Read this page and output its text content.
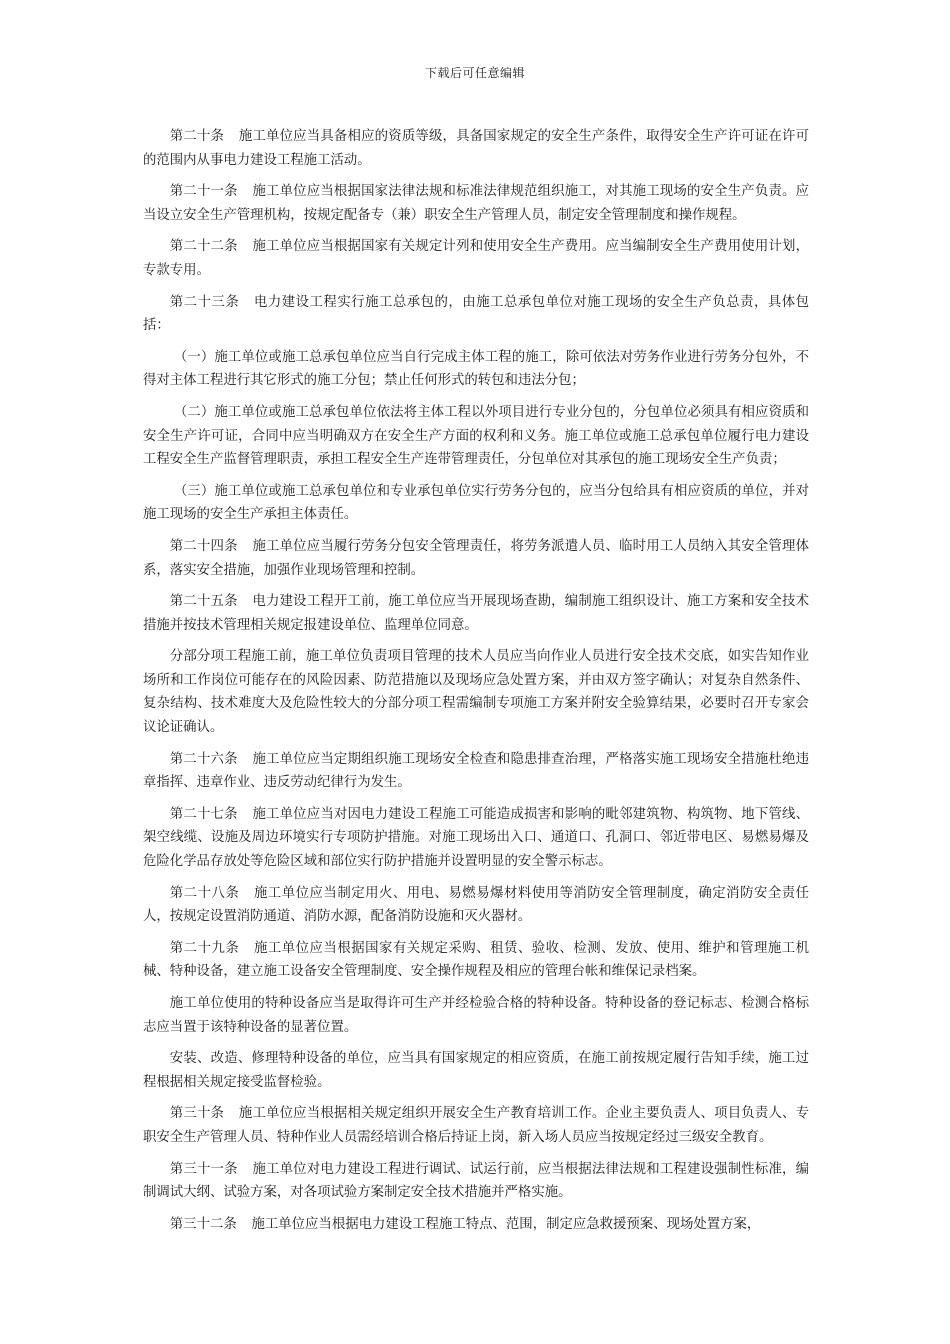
下载后可任意编辑

第二十条 施工单位应当具备相应的资质等级，具备国家规定的安全生产条件，取得安全生产许可证在许可的范围内从事电力建设工程施工活动。

第二十一条 施工单位应当根据国家法律法规和标准法律规范组织施工，对其施工现场的安全生产负责。应当设立安全生产管理机构，按规定配备专（兼）职安全生产管理人员，制定安全管理制度和操作规程。

第二十二条 施工单位应当根据国家有关规定计列和使用安全生产费用。应当编制安全生产费用使用计划，专款专用。

第二十三条 电力建设工程实行施工总承包的，由施工总承包单位对施工现场的安全生产负总责，具体包括：

（一）施工单位或施工总承包单位应当自行完成主体工程的施工，除可依法对劳务作业进行劳务分包外，不得对主体工程进行其它形式的施工分包；禁止任何形式的转包和违法分包；

（二）施工单位或施工总承包单位依法将主体工程以外项目进行专业分包的，分包单位必须具有相应资质和安全生产许可证，合同中应当明确双方在安全生产方面的权利和义务。施工单位或施工总承包单位履行电力建设工程安全生产监督管理职责，承担工程安全生产连带管理责任，分包单位对其承包的施工现场安全生产负责；

（三）施工单位或施工总承包单位和专业承包单位实行劳务分包的，应当分包给具有相应资质的单位，并对施工现场的安全生产承担主体责任。

第二十四条 施工单位应当履行劳务分包安全管理责任，将劳务派遣人员、临时用工人员纳入其安全管理体系，落实安全措施，加强作业现场管理和控制。

第二十五条 电力建设工程开工前，施工单位应当开展现场查勘，编制施工组织设计、施工方案和安全技术措施并按技术管理相关规定报建设单位、监理单位同意。

分部分项工程施工前，施工单位负责项目管理的技术人员应当向作业人员进行安全技术交底，如实告知作业场所和工作岗位可能存在的风险因素、防范措施以及现场应急处置方案，并由双方签字确认；对复杂自然条件、复杂结构、技术难度大及危险性较大的分部分项工程需编制专项施工方案并附安全验算结果，必要时召开专家会议论证确认。

第二十六条 施工单位应当定期组织施工现场安全检查和隐患排查治理，严格落实施工现场安全措施杜绝违章指挥、违章作业、违反劳动纪律行为发生。

第二十七条 施工单位应当对因电力建设工程施工可能造成损害和影响的毗邻建筑物、构筑物、地下管线、架空线缆、设施及周边环境实行专项防护措施。对施工现场出入口、通道口、孔洞口、邻近带电区、易燃易爆及危险化学品存放处等危险区域和部位实行防护措施并设置明显的安全警示标志。

第二十八条 施工单位应当制定用火、用电、易燃易爆材料使用等消防安全管理制度，确定消防安全责任人，按规定设置消防通道、消防水源，配备消防设施和灭火器材。

第二十九条 施工单位应当根据国家有关规定采购、租赁、验收、检测、发放、使用、维护和管理施工机械、特种设备，建立施工设备安全管理制度、安全操作规程及相应的管理台帐和维保记录档案。

施工单位使用的特种设备应当是取得许可生产并经检验合格的特种设备。特种设备的登记标志、检测合格标志应当置于该特种设备的显著位置。

安装、改造、修理特种设备的单位，应当具有国家规定的相应资质，在施工前按规定履行告知手续，施工过程根据相关规定接受监督检验。

第三十条 施工单位应当根据相关规定组织开展安全生产教育培训工作。企业主要负责人、项目负责人、专职安全生产管理人员、特种作业人员需经培训合格后持证上岗，新入场人员应当按规定经过三级安全教育。

第三十一条 施工单位对电力建设工程进行调试、试运行前，应当根据法律法规和工程建设强制性标准，编制调试大纲、试验方案，对各项试验方案制定安全技术措施并严格实施。

第三十二条 施工单位应当根据电力建设工程施工特点、范围，制定应急救援预案、现场处置方案，
